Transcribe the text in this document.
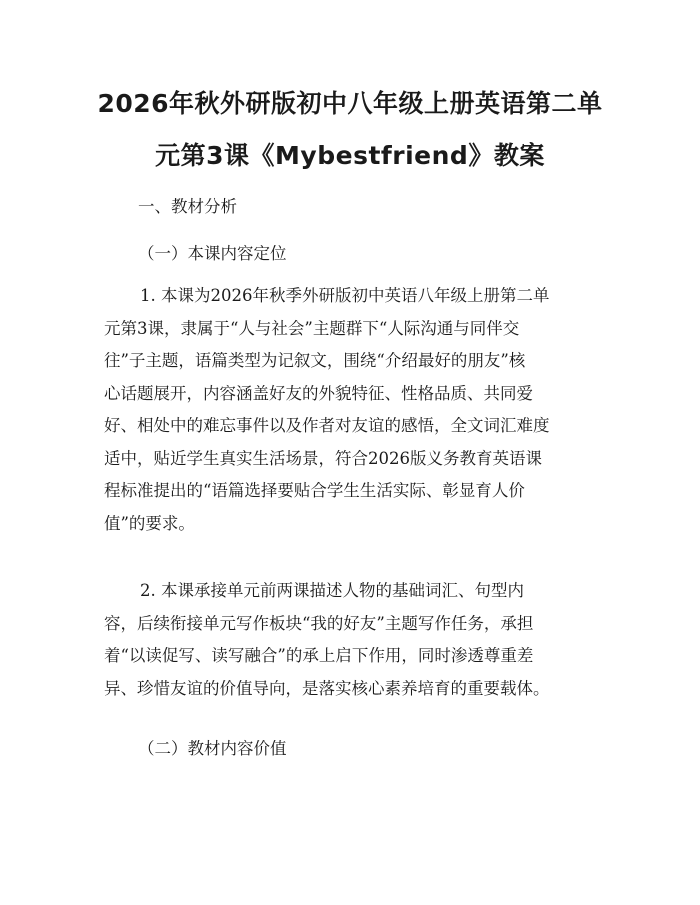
2026年秋外研版初中八年级上册英语第二单
元第3课《Mybestfriend》教案

一、教材分析

（一）本课内容定位

1. 本课为2026年秋季外研版初中英语八年级上册第二单
元第3课，隶属于“人与社会”主题群下“人际沟通与同伴交
往”子主题，语篇类型为记叙文，围绕“介绍最好的朋友”核
心话题展开，内容涵盖好友的外貌特征、性格品质、共同爱
好、相处中的难忘事件以及作者对友谊的感悟，全文词汇难度
适中，贴近学生真实生活场景，符合2026版义务教育英语课
程标准提出的“语篇选择要贴合学生生活实际、彰显育人价
值”的要求。
2. 本课承接单元前两课描述人物的基础词汇、句型内
容，后续衔接单元写作板块“我的好友”主题写作任务，承担
着“以读促写、读写融合”的承上启下作用，同时渗透尊重差
异、珍惜友谊的价值导向，是落实核心素养培育的重要载体。

（二）教材内容价值
